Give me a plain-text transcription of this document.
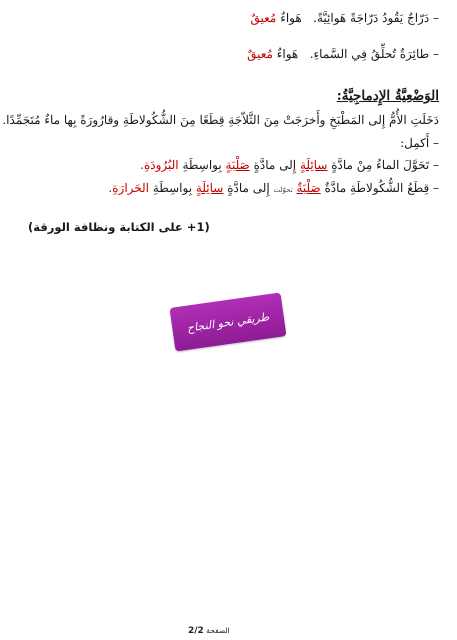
– دَرّاجٌ يَقُودُ دَرّاجَةً هَوائِيَّةً.   هَواءٌ مُعيقٌ
– طائِرَةٌ تُحلِّقُ فِي السَّماءِ.   هَواءٌ مُعيقٌ
الوَضْعِيَّةُ الإِدماجِيَّةُ:
دَخَلَتِ الأُمُّ إِلى المَطْبَخِ وأَخرَجَتْ مِنَ الثَّلاّجَةِ قِطَعًا مِنَ الشُّكُولاطَةِ وقارُورَةً بِها ماءٌ مُتَجَمِّدًا.
– أَكمِل:
– تَحَوَّلَ الماءُ مِنْ مادَّةٍ سائِلَةٍ إِلى مادَّةٍ صَلْبَةٍ بِواسِطَةِ البُرُودَةِ.
– قِطَعُ الشُّكُولاطَةِ مادَّةٌ صَلْبَةٌ تحوّلت إِلى مادَّةٍ سائِلَةٍ بِواسِطَةِ الحَرارَةِ.
(1+ على الكتابة ونظافة الورقة)
طريقي نحو النجاح
الصفحة 2/2
